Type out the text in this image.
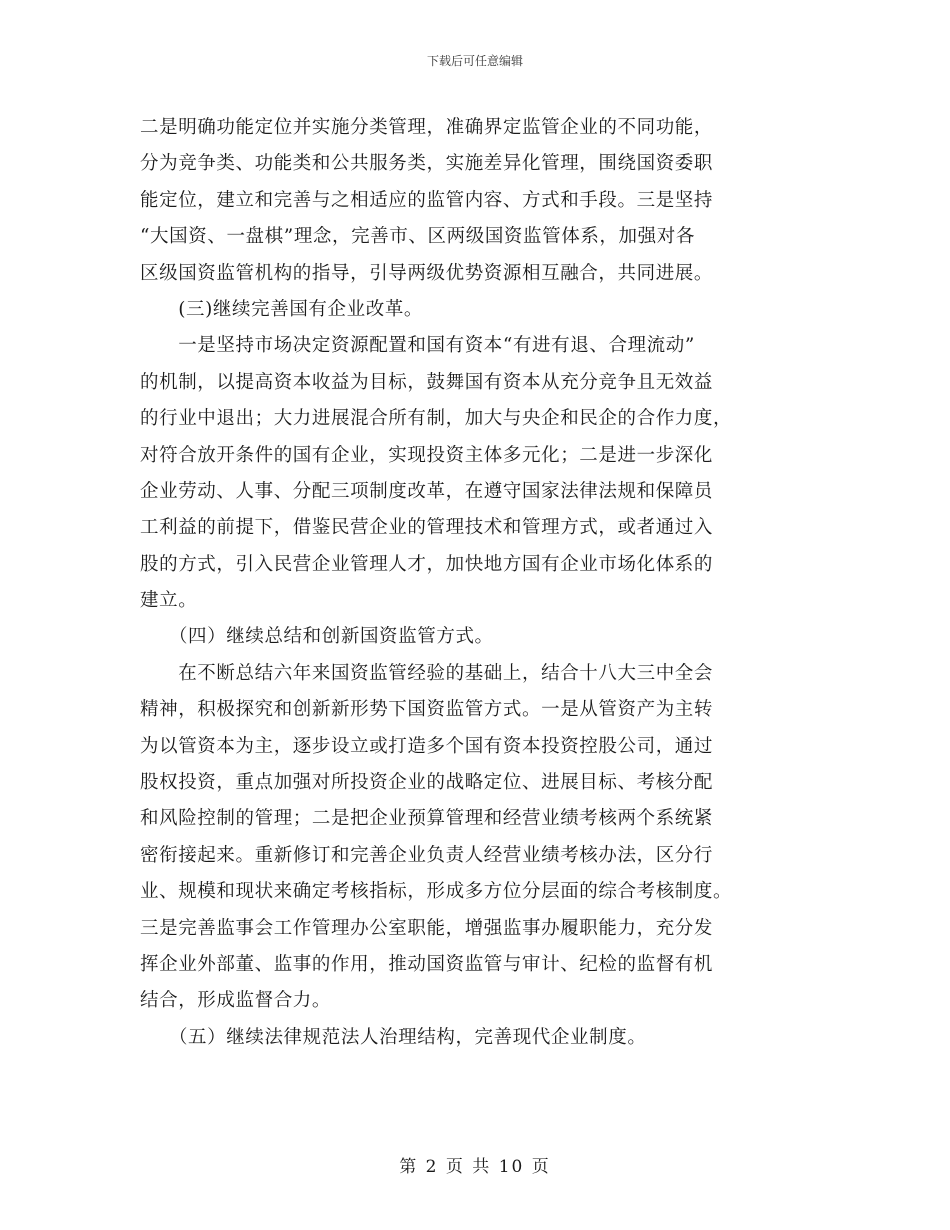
下载后可任意编辑
二是明确功能定位并实施分类管理，准确界定监管企业的不同功能，
分为竞争类、功能类和公共服务类，实施差异化管理，围绕国资委职
能定位，建立和完善与之相适应的监管内容、方式和手段。三是坚持
“大国资、一盘棋”理念，完善市、区两级国资监管体系，加强对各
区级国资监管机构的指导，引导两级优势资源相互融合，共同进展。
　　(三)继续完善国有企业改革。
　　一是坚持市场决定资源配置和国有资本“有进有退、合理流动”
的机制，以提高资本收益为目标，鼓舞国有资本从充分竞争且无效益
的行业中退出；大力进展混合所有制，加大与央企和民企的合作力度，
对符合放开条件的国有企业，实现投资主体多元化；二是进一步深化
企业劳动、人事、分配三项制度改革，在遵守国家法律法规和保障员
工利益的前提下，借鉴民营企业的管理技术和管理方式，或者通过入
股的方式，引入民营企业管理人才，加快地方国有企业市场化体系的
建立。
　　（四）继续总结和创新国资监管方式。
　　在不断总结六年来国资监管经验的基础上，结合十八大三中全会
精神，积极探究和创新新形势下国资监管方式。一是从管资产为主转
为以管资本为主，逐步设立或打造多个国有资本投资控股公司，通过
股权投资，重点加强对所投资企业的战略定位、进展目标、考核分配
和风险控制的管理；二是把企业预算管理和经营业绩考核两个系统紧
密衔接起来。重新修订和完善企业负责人经营业绩考核办法，区分行
业、规模和现状来确定考核指标，形成多方位分层面的综合考核制度。
三是完善监事会工作管理办公室职能，增强监事办履职能力，充分发
挥企业外部董、监事的作用，推动国资监管与审计、纪检的监督有机
结合，形成监督合力。
　　（五）继续法律规范法人治理结构，完善现代企业制度。
第 2 页 共 10 页
